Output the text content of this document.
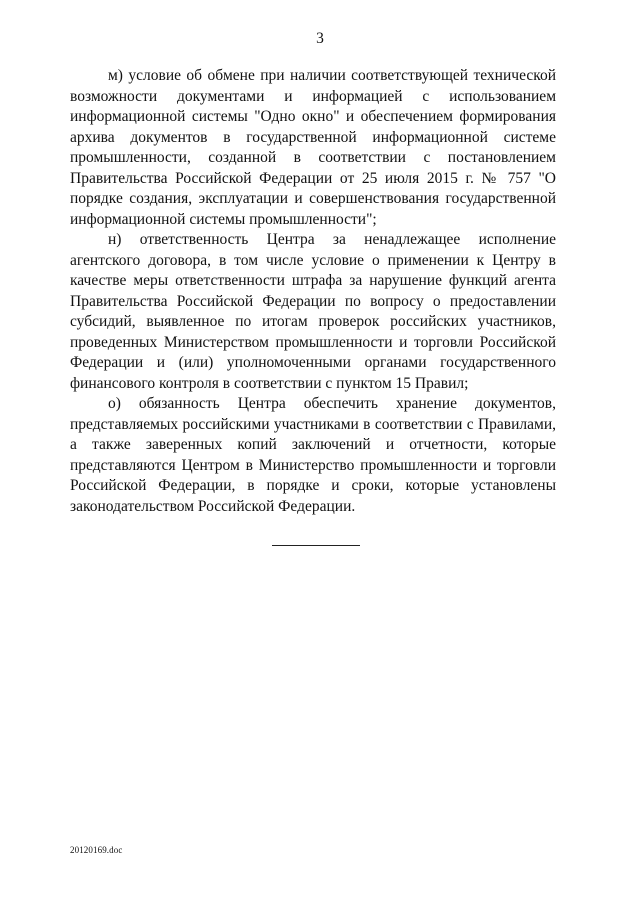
3

м) условие об обмене при наличии соответствующей технической возможности документами и информацией с использованием информационной системы "Одно окно" и обеспечением формирования архива документов в государственной информационной системе промышленности, созданной в соответствии с постановлением Правительства Российской Федерации от 25 июля 2015 г. № 757 "О порядке создания, эксплуатации и совершенствования государственной информационной системы промышленности";

н) ответственность Центра за ненадлежащее исполнение агентского договора, в том числе условие о применении к Центру в качестве меры ответственности штрафа за нарушение функций агента Правительства Российской Федерации по вопросу о предоставлении субсидий, выявленное по итогам проверок российских участников, проведенных Министерством промышленности и торговли Российской Федерации и (или) уполномоченными органами государственного финансового контроля в соответствии с пунктом 15 Правил;

о) обязанность Центра обеспечить хранение документов, представляемых российскими участниками в соответствии с Правилами, а также заверенных копий заключений и отчетности, которые представляются Центром в Министерство промышленности и торговли Российской Федерации, в порядке и сроки, которые установлены законодательством Российской Федерации.

20120169.doc
